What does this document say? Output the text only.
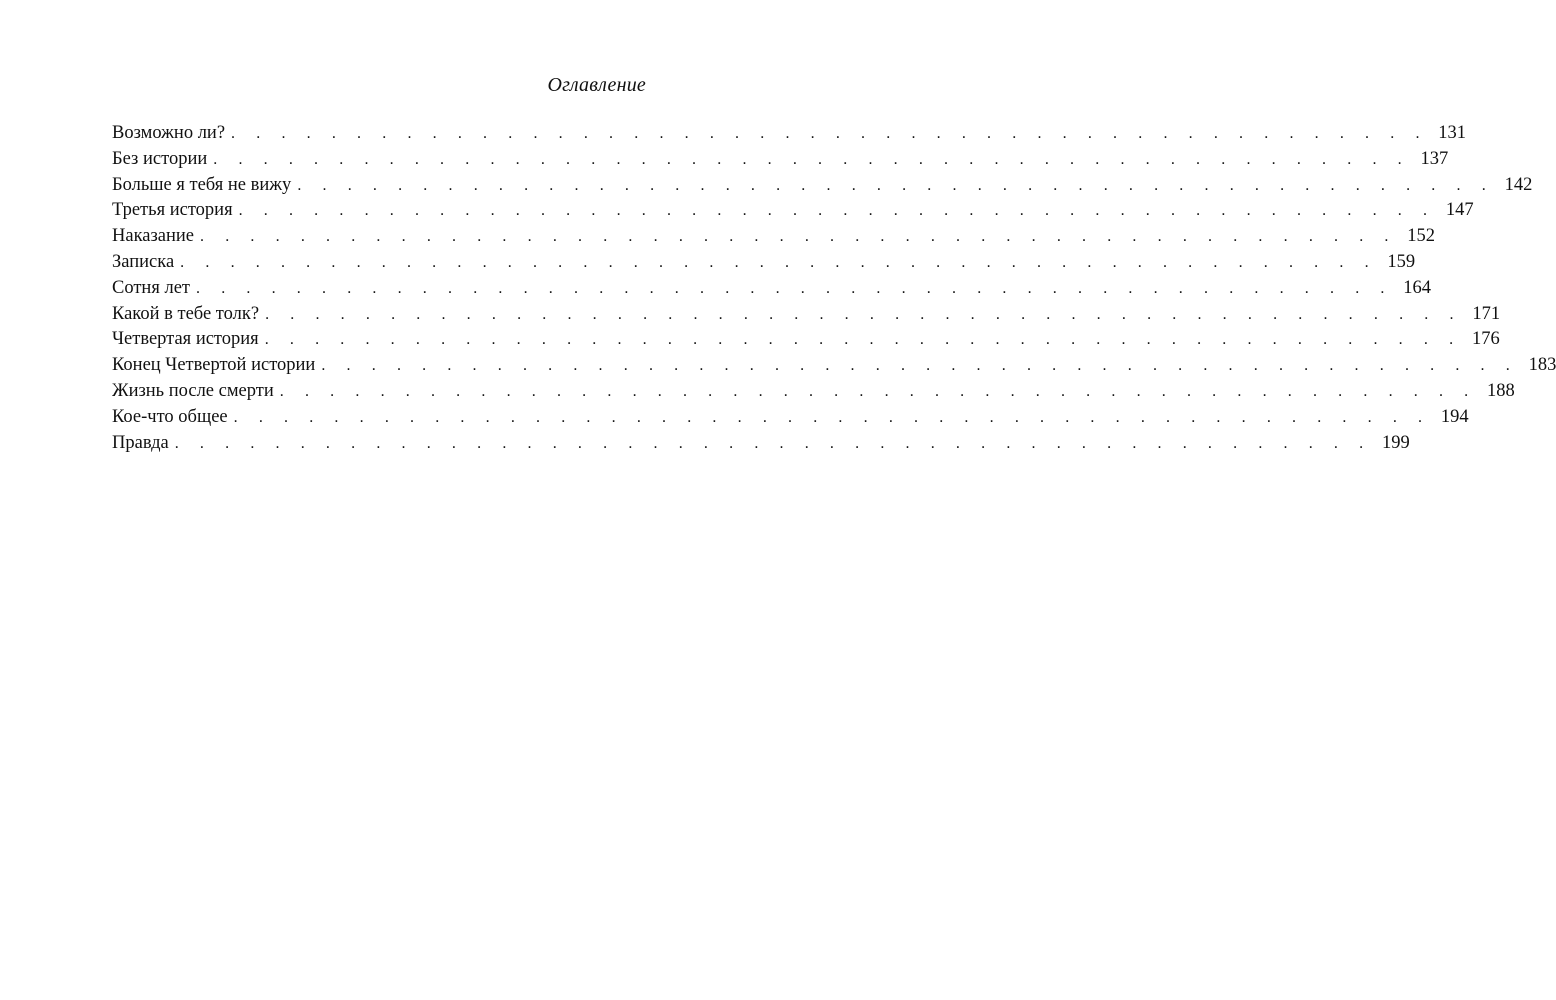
Оглавление
Возможно ли? . . . . . . . . . . . . . . . . . . . . . . . . . . . . . . . . . . . . . . . . . . . . . . . . 131
Без истории . . . . . . . . . . . . . . . . . . . . . . . . . . . . . . . . . . . . . . . . . . . . . . . . 137
Больше я тебя не вижу . . . . . . . . . . . . . . . . . . . . . . . . . . . . . . . . . . . . . . . . . . . . . . . . 142
Третья история . . . . . . . . . . . . . . . . . . . . . . . . . . . . . . . . . . . . . . . . . . . . . . . . 147
Наказание . . . . . . . . . . . . . . . . . . . . . . . . . . . . . . . . . . . . . . . . . . . . . . . . 152
Записка . . . . . . . . . . . . . . . . . . . . . . . . . . . . . . . . . . . . . . . . . . . . . . . . 159
Сотня лет . . . . . . . . . . . . . . . . . . . . . . . . . . . . . . . . . . . . . . . . . . . . . . . . 164
Какой в тебе толк? . . . . . . . . . . . . . . . . . . . . . . . . . . . . . . . . . . . . . . . . . . . . . . . . 171
Четвертая история . . . . . . . . . . . . . . . . . . . . . . . . . . . . . . . . . . . . . . . . . . . . . . . . 176
Конец Четвертой истории . . . . . . . . . . . . . . . . . . . . . . . . . . . . . . . . . . . . . . . . . . . . . . . . 183
Жизнь после смерти . . . . . . . . . . . . . . . . . . . . . . . . . . . . . . . . . . . . . . . . . . . . . . . . 188
Кое-что общее . . . . . . . . . . . . . . . . . . . . . . . . . . . . . . . . . . . . . . . . . . . . . . . . 194
Правда . . . . . . . . . . . . . . . . . . . . . . . . . . . . . . . . . . . . . . . . . . . . . . . . 199
